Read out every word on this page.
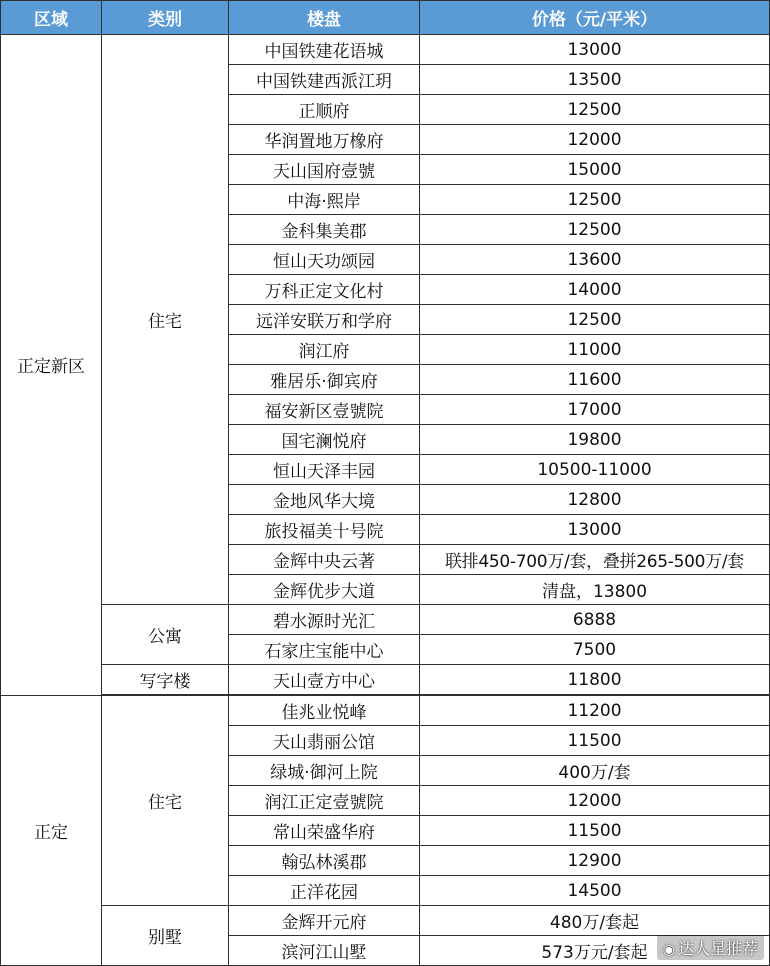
区域	类别	楼盘	价格（元/平米）
正定新区	住宅	中国铁建花语城	13000
		中国铁建西派江玥	13500
		正顺府	12500
		华润置地万橡府	12000
		天山国府壹號	15000
		中海·熙岸	12500
		金科集美郡	12500
		恒山天功颂园	13600
		万科正定文化村	14000
		远洋安联万和学府	12500
		润江府	11000
		雅居乐·御宾府	11600
		福安新区壹號院	17000
		国宅澜悦府	19800
		恒山天泽丰园	10500-11000
		金地风华大境	12800
		旅投福美十号院	13000
		金辉中央云著	联排450-700万/套，叠拼265-500万/套
		金辉优步大道	清盘，13800
	公寓	碧水源时光汇	6888
		石家庄宝能中心	7500
	写字楼	天山壹方中心	11800
正定	住宅	佳兆业悦峰	11200
		天山翡丽公馆	11500
		绿城·御河上院	400万/套
		润江正定壹號院	12000
		常山荣盛华府	11500
		翰弘林溪郡	12900
		正洋花园	14500
	别墅	金辉开元府	480万/套起
		滨河江山墅	573万元/套起	◉ 达人星推荐
